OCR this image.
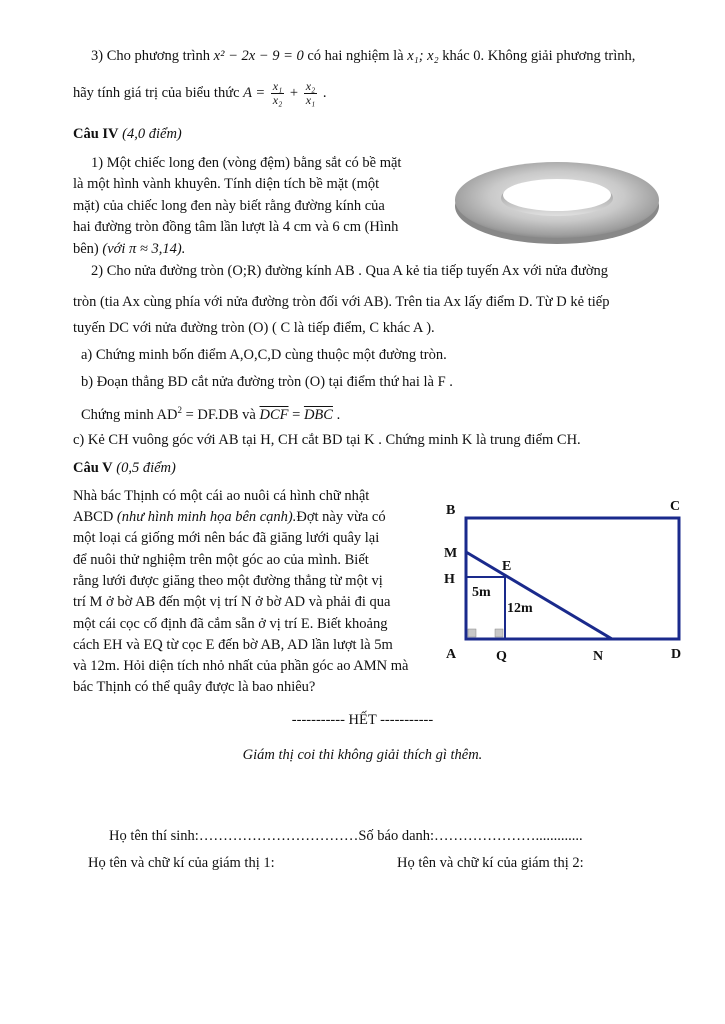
3) Cho phương trình x² − 2x − 9 = 0 có hai nghiệm là x₁; x₂ khác 0. Không giải phương trình,
hãy tính giá trị của biểu thức $A = \frac{\text{x₁}}{\text{x₂}} + \frac{\text{x₂}}{\text{x₁}}$ .
Câu IV (4,0 điểm)
1) Một chiếc long đen (vòng đệm) bằng sắt có bề mặt
là một hình vành khuyên. Tính diện tích bề mặt (một
mặt) của chiếc long đen này biết rằng đường kính của
hai đường tròn đồng tâm lần lượt là 4 cm và 6 cm (Hình
bên) (với π ≈ 3,14).
2) Cho nửa đường tròn (O;R) đường kính AB . Qua A kẻ tia tiếp tuyến Ax với nửa đường
tròn (tia Ax cùng phía với nửa đường tròn đối với AB). Trên tia Ax lấy điểm D. Từ D kẻ tiếp
tuyến DC với nửa đường tròn (O) ( C là tiếp điểm, C khác A ).
a) Chứng minh bốn điểm A,O,C,D cùng thuộc một đường tròn.
b) Đoạn thẳng BD cắt nửa đường tròn (O) tại điểm thứ hai là F .
Chứng minh $AD^2 = DF.DB$ và $\overline{DCF} = \overline{DBC}$ .
c) Kẻ CH vuông góc với AB tại H, CH cắt BD tại K . Chứng minh K là trung điểm CH.
Câu V (0,5 điểm)
Nhà bác Thịnh có một cái ao nuôi cá hình chữ nhật
ABCD (như hình minh họa bên cạnh).Đợt này vừa có
một loại cá giống mới nên bác đã giăng lưới quây lại
để nuôi thử nghiệm trên một góc ao của mình. Biết
rằng lưới được giăng theo một đường thẳng từ một vị
trí M ở bờ AB đến một vị trí N ở bờ AD và phải đi qua
một cái cọc cố định đã cắm sẵn ở vị trí E. Biết khoảng
cách EH và EQ từ cọc E đến bờ AB, AD lần lượt là 5m
và 12m. Hỏi diện tích nhỏ nhất của phần góc ao AMN mà
bác Thịnh có thể quây được là bao nhiêu?
B	C
M
E
H
A	Q	N	D
5m
12m
----------- HẾT -----------
Giám thị coi thi không giải thích gì thêm.
Họ tên thí sinh:……………………………Số báo danh:………………….............
Họ tên và chữ kí của giám thị 1:	Họ tên và chữ kí của giám thị 2:
